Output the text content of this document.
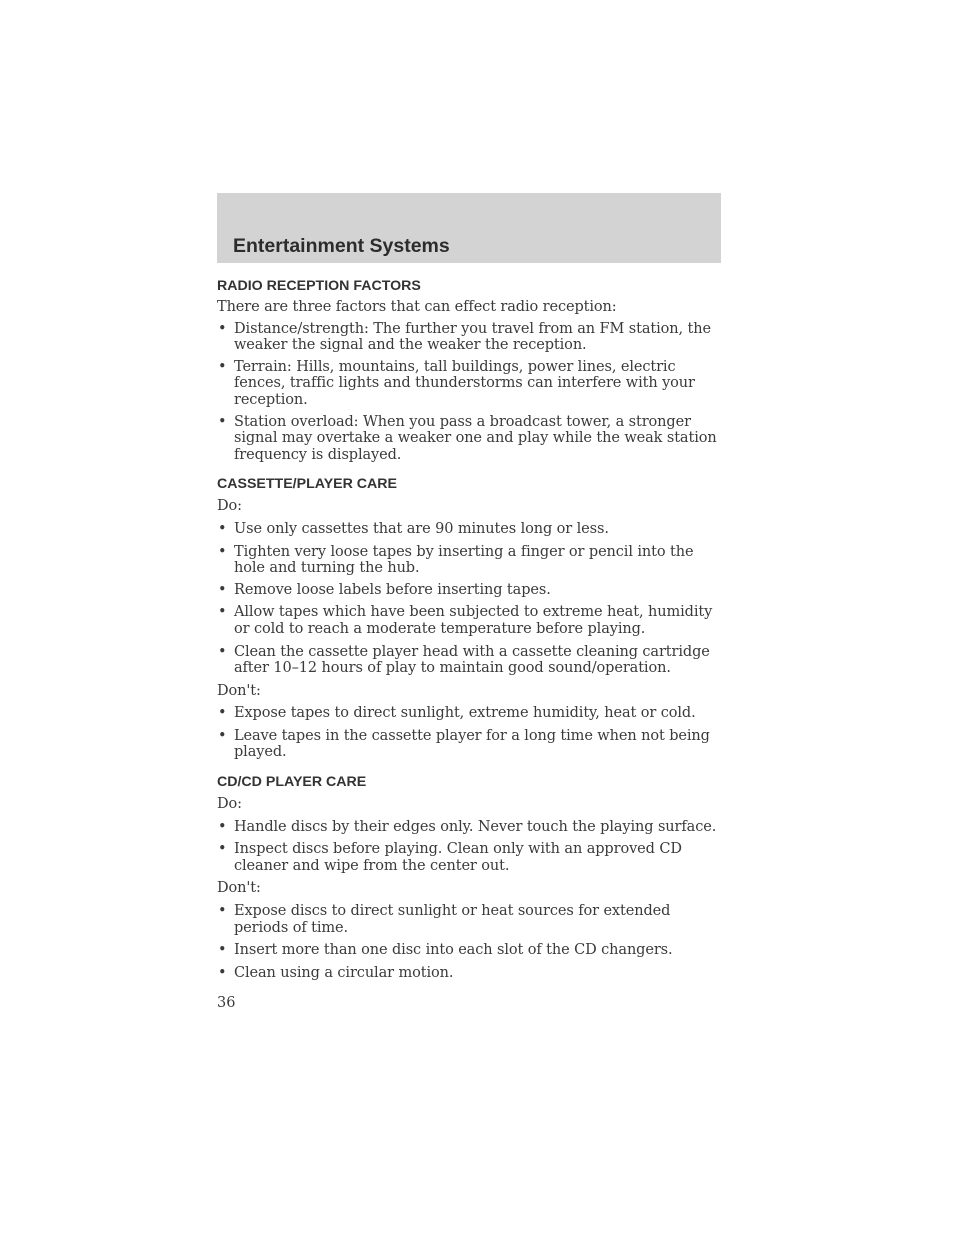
Entertainment Systems
RADIO RECEPTION FACTORS

There are three factors that can effect radio reception:

• Distance/strength: The further you travel from an FM station, the weaker the signal and the weaker the reception.
• Terrain: Hills, mountains, tall buildings, power lines, electric fences, traffic lights and thunderstorms can interfere with your reception.
• Station overload: When you pass a broadcast tower, a stronger signal may overtake a weaker one and play while the weak station frequency is displayed.
CASSETTE/PLAYER CARE

Do:

• Use only cassettes that are 90 minutes long or less.
• Tighten very loose tapes by inserting a finger or pencil into the hole and turning the hub.
• Remove loose labels before inserting tapes.
• Allow tapes which have been subjected to extreme heat, humidity or cold to reach a moderate temperature before playing.
• Clean the cassette player head with a cassette cleaning cartridge after 10–12 hours of play to maintain good sound/operation.

Don't:

• Expose tapes to direct sunlight, extreme humidity, heat or cold.
• Leave tapes in the cassette player for a long time when not being played.
CD/CD PLAYER CARE

Do:

• Handle discs by their edges only. Never touch the playing surface.
• Inspect discs before playing. Clean only with an approved CD cleaner and wipe from the center out.

Don't:

• Expose discs to direct sunlight or heat sources for extended periods of time.
• Insert more than one disc into each slot of the CD changers.
• Clean using a circular motion.
36
